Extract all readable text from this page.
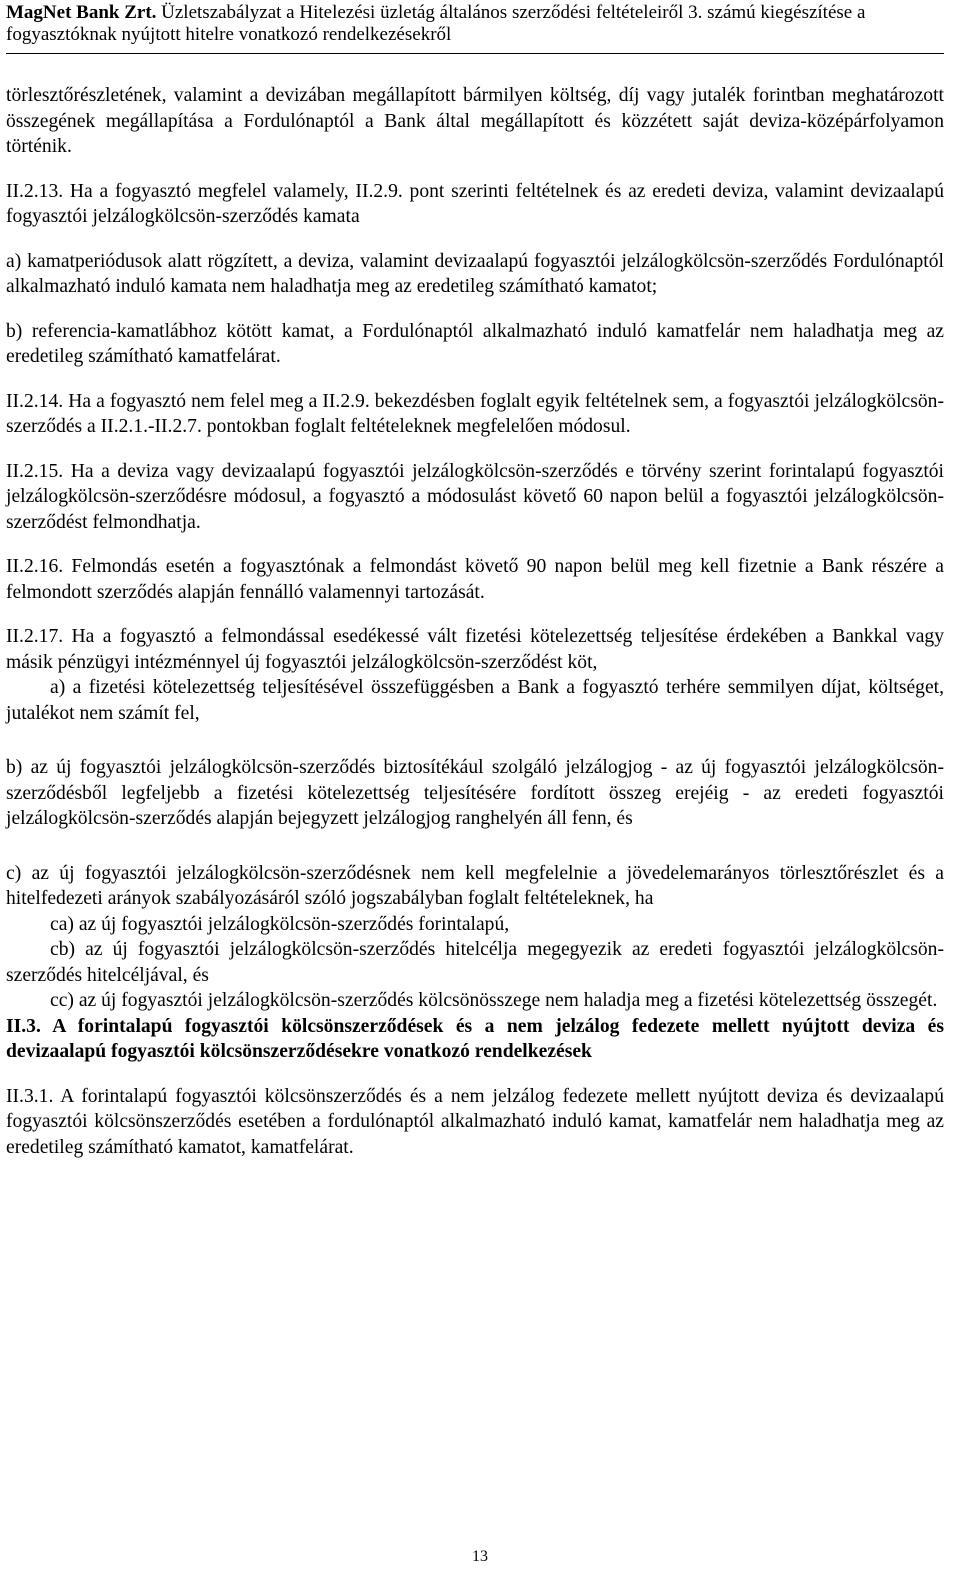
MagNet Bank Zrt. Üzletszabályzat a Hitelezési üzletág általános szerződési feltételeiről 3. számú kiegészítése a
fogyasztóknak nyújtott hitelre vonatkozó rendelkezésekről

törlesztőrészletének, valamint a devizában megállapított bármilyen költség, díj vagy jutalék forintban meghatározott összegének megállapítása a Fordulónaptól a Bank által megállapított és közzétett saját deviza-középárfolyamon történik.

II.2.13. Ha a fogyasztó megfelel valamely, II.2.9. pont szerinti feltételnek és az eredeti deviza, valamint devizaalapú fogyasztói jelzálogkölcsön-szerződés kamata

a) kamatperiódusok alatt rögzített, a deviza, valamint devizaalapú fogyasztói jelzálogkölcsön-szerződés Fordulónaptól alkalmazható induló kamata nem haladhatja meg az eredetileg számítható kamatot;

b) referencia-kamatlábhoz kötött kamat, a Fordulónaptól alkalmazható induló kamatfelár nem haladhatja meg az eredetileg számítható kamatfelárat.

II.2.14. Ha a fogyasztó nem felel meg a II.2.9. bekezdésben foglalt egyik feltételnek sem, a fogyasztói jelzálogkölcsön-szerződés a II.2.1.-II.2.7. pontokban foglalt feltételeknek megfelelően módosul.

II.2.15. Ha a deviza vagy devizaalapú fogyasztói jelzálogkölcsön-szerződés e törvény szerint forintalapú fogyasztói jelzálogkölcsön-szerződésre módosul, a fogyasztó a módosulást követő 60 napon belül a fogyasztói jelzálogkölcsön-szerződést felmondhatja.

II.2.16. Felmondás esetén a fogyasztónak a felmondást követő 90 napon belül meg kell fizetnie a Bank részére a felmondott szerződés alapján fennálló valamennyi tartozását.

II.2.17. Ha a fogyasztó a felmondással esedékessé vált fizetési kötelezettség teljesítése érdekében a Bankkal vagy másik pénzügyi intézménnyel új fogyasztói jelzálogkölcsön-szerződést köt,

a) a fizetési kötelezettség teljesítésével összefüggésben a Bank a fogyasztó terhére semmilyen díjat, költséget, jutalékot nem számít fel,

b) az új fogyasztói jelzálogkölcsön-szerződés biztosítékául szolgáló jelzálogjog - az új fogyasztói jelzálogkölcsön-szerződésből legfeljebb a fizetési kötelezettség teljesítésére fordított összeg erejéig - az eredeti fogyasztói jelzálogkölcsön-szerződés alapján bejegyzett jelzálogjog ranghelyén áll fenn, és

c) az új fogyasztói jelzálogkölcsön-szerződésnek nem kell megfelelnie a jövedelemarányos törlesztőrészlet és a hitelfedezeti arányok szabályozásáról szóló jogszabályban foglalt feltételeknek, ha

ca) az új fogyasztói jelzálogkölcsön-szerződés forintalapú,

cb) az új fogyasztói jelzálogkölcsön-szerződés hitelcélja megegyezik az eredeti fogyasztói jelzálogkölcsön-szerződés hitelcéljával, és

cc) az új fogyasztói jelzálogkölcsön-szerződés kölcsönösszege nem haladja meg a fizetési kötelezettség összegét.

II.3. A forintalapú fogyasztói kölcsönszerződések és a nem jelzálog fedezete mellett nyújtott deviza és devizaalapú fogyasztói kölcsönszerződésekre vonatkozó rendelkezések

II.3.1. A forintalapú fogyasztói kölcsönszerződés és a nem jelzálog fedezete mellett nyújtott deviza és devizaalapú fogyasztói kölcsönszerződés esetében a fordulónaptól alkalmazható induló kamat, kamatfelár nem haladhatja meg az eredetileg számítható kamatot, kamatfelárat.

13
